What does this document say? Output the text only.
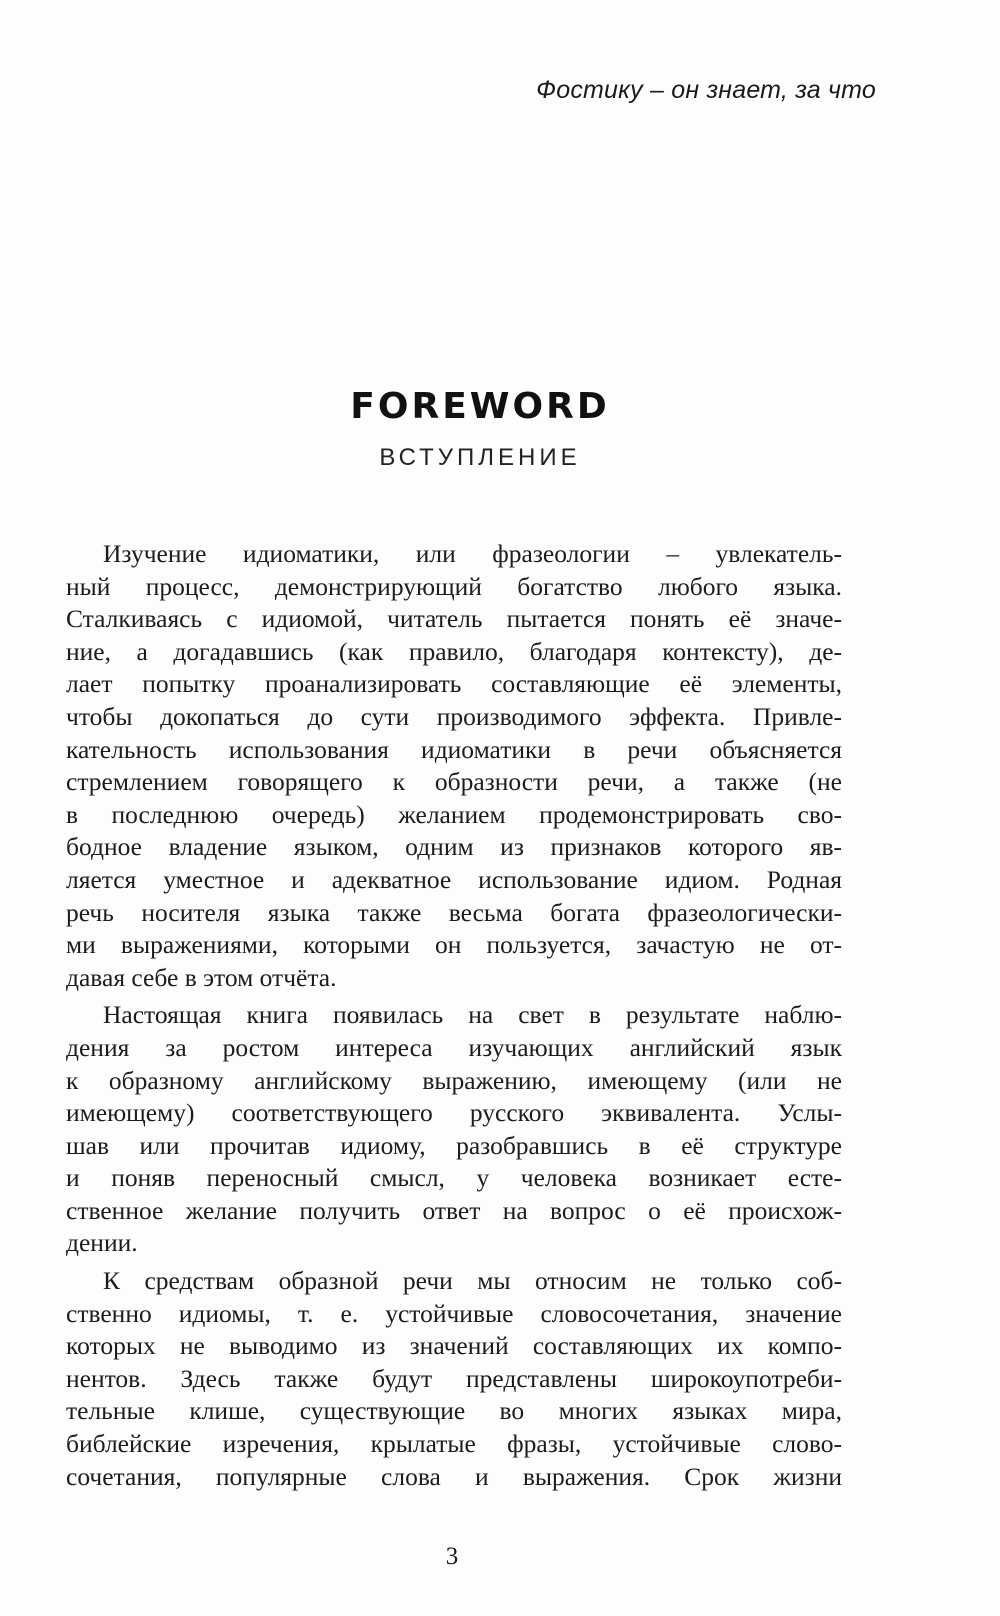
Фостику – он знает, за что
FOREWORD
ВСТУПЛЕНИЕ
Изучение идиоматики, или фразеологии – увлекатель-
ный процесс, демонстрирующий богатство любого языка.
Сталкиваясь с идиомой, читатель пытается понять её значе-
ние, а догадавшись (как правило, благодаря контексту), де-
лает попытку проанализировать составляющие её элементы,
чтобы докопаться до сути производимого эффекта. Привле-
кательность использования идиоматики в речи объясняется
стремлением говорящего к образности речи, а также (не
в последнюю очередь) желанием продемонстрировать сво-
бодное владение языком, одним из признаков которого яв-
ляется уместное и адекватное использование идиом. Родная
речь носителя языка также весьма богата фразеологически-
ми выражениями, которыми он пользуется, зачастую не от-
давая себе в этом отчёта.
Настоящая книга появилась на свет в результате наблю-
дения за ростом интереса изучающих английский язык
к образному английскому выражению, имеющему (или не
имеющему) соответствующего русского эквивалента. Услы-
шав или прочитав идиому, разобравшись в её структуре
и поняв переносный смысл, у человека возникает есте-
ственное желание получить ответ на вопрос о её происхож-
дении.
К средствам образной речи мы относим не только соб-
ственно идиомы, т. е. устойчивые словосочетания, значение
которых не выводимо из значений составляющих их компо-
нентов. Здесь также будут представлены широкоупотреби-
тельные клише, существующие во многих языках мира,
библейские изречения, крылатые фразы, устойчивые слово-
сочетания, популярные слова и выражения. Срок жизни
3
